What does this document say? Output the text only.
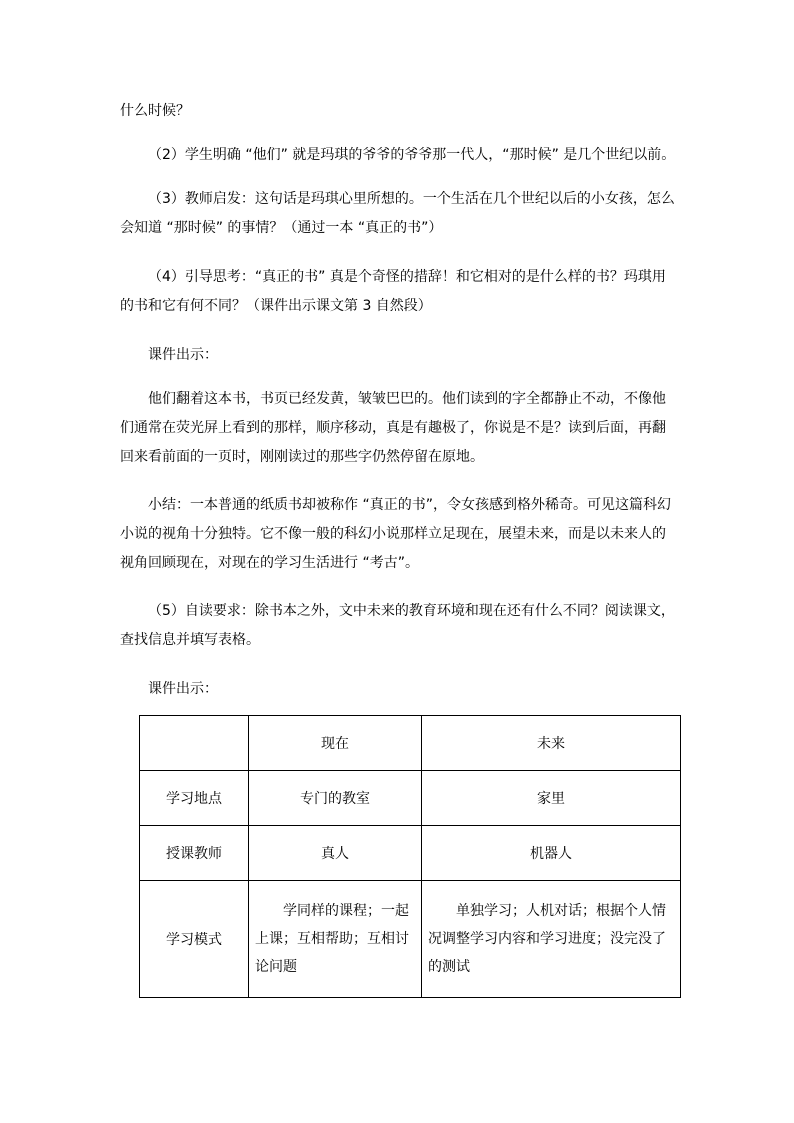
什么时候？

（2）学生明确 “他们” 就是玛琪的爷爷的爷爷那一代人，“那时候” 是几个世纪以前。

（3）教师启发：这句话是玛琪心里所想的。一个生活在几个世纪以后的小女孩，怎么会知道 “那时候” 的事情？（通过一本 “真正的书”）

（4）引导思考：“真正的书” 真是个奇怪的措辞！和它相对的是什么样的书？玛琪用的书和它有何不同？（课件出示课文第 3 自然段）

课件出示：

他们翻着这本书，书页已经发黄，皱皱巴巴的。他们读到的字全都静止不动，不像他们通常在荧光屏上看到的那样，顺序移动，真是有趣极了，你说是不是？读到后面，再翻回来看前面的一页时，刚刚读过的那些字仍然停留在原地。

小结：一本普通的纸质书却被称作 “真正的书”，令女孩感到格外稀奇。可见这篇科幻小说的视角十分独特。它不像一般的科幻小说那样立足现在，展望未来，而是以未来人的视角回顾现在，对现在的学习生活进行 “考古”。

（5）自读要求：除书本之外，文中未来的教育环境和现在还有什么不同？阅读课文，查找信息并填写表格。

课件出示：

	现在	未来
学习地点	专门的教室	家里
授课教师	真人	机器人
学习模式	学同样的课程；一起上课；互相帮助；互相讨论问题	单独学习；人机对话；根据个人情况调整学习内容和学习进度；没完没了的测试
